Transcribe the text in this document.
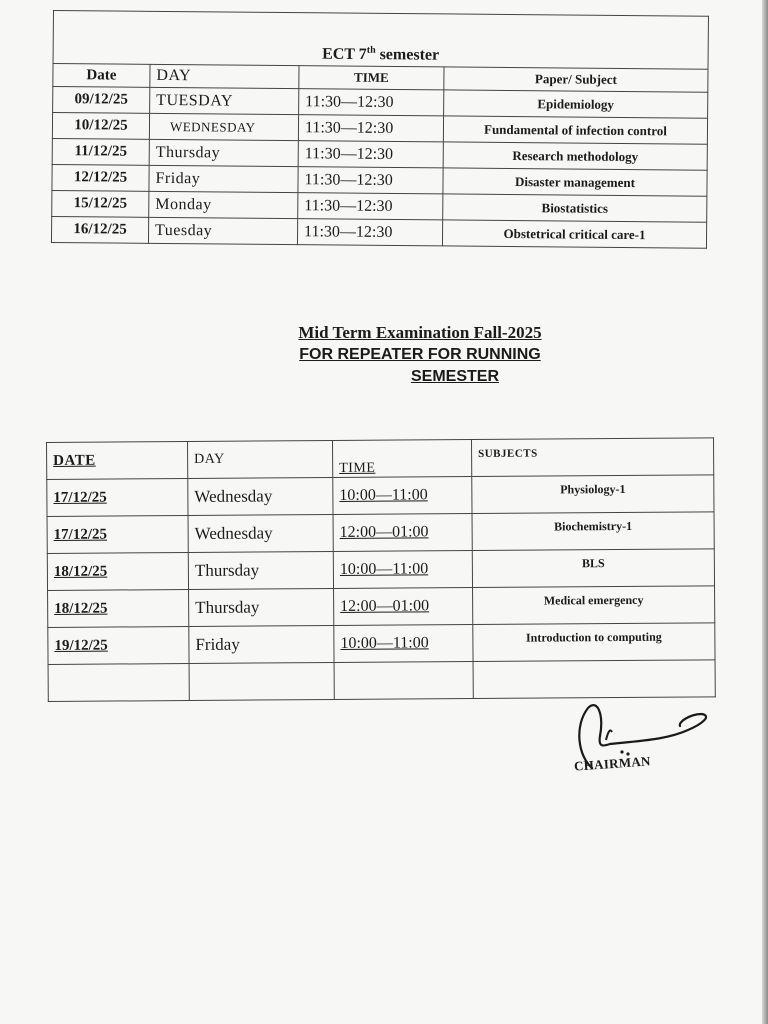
ECT 7th semester			
Date	DAY	TIME	Paper/ Subject
09/12/25	TUESDAY	11:30—12:30	Epidemiology
10/12/25	WEDNESDAY	11:30—12:30	Fundamental of infection control
11/12/25	Thursday	11:30—12:30	Research methodology
12/12/25	Friday	11:30—12:30	Disaster management
15/12/25	Monday	11:30—12:30	Biostatistics
16/12/25	Tuesday	11:30—12:30	Obstetrical critical care-1
Mid Term Examination Fall-2025
FOR REPEATER FOR RUNNING
SEMESTER
DATE	DAY	TIME	SUBJECTS
17/12/25	Wednesday	10:00—11:00	Physiology-1
17/12/25	Wednesday	12:00—01:00	Biochemistry-1
18/12/25	Thursday	10:00—11:00	BLS
18/12/25	Thursday	12:00—01:00	Medical emergency
19/12/25	Friday	10:00—11:00	Introduction to computing

CHAIRMAN
